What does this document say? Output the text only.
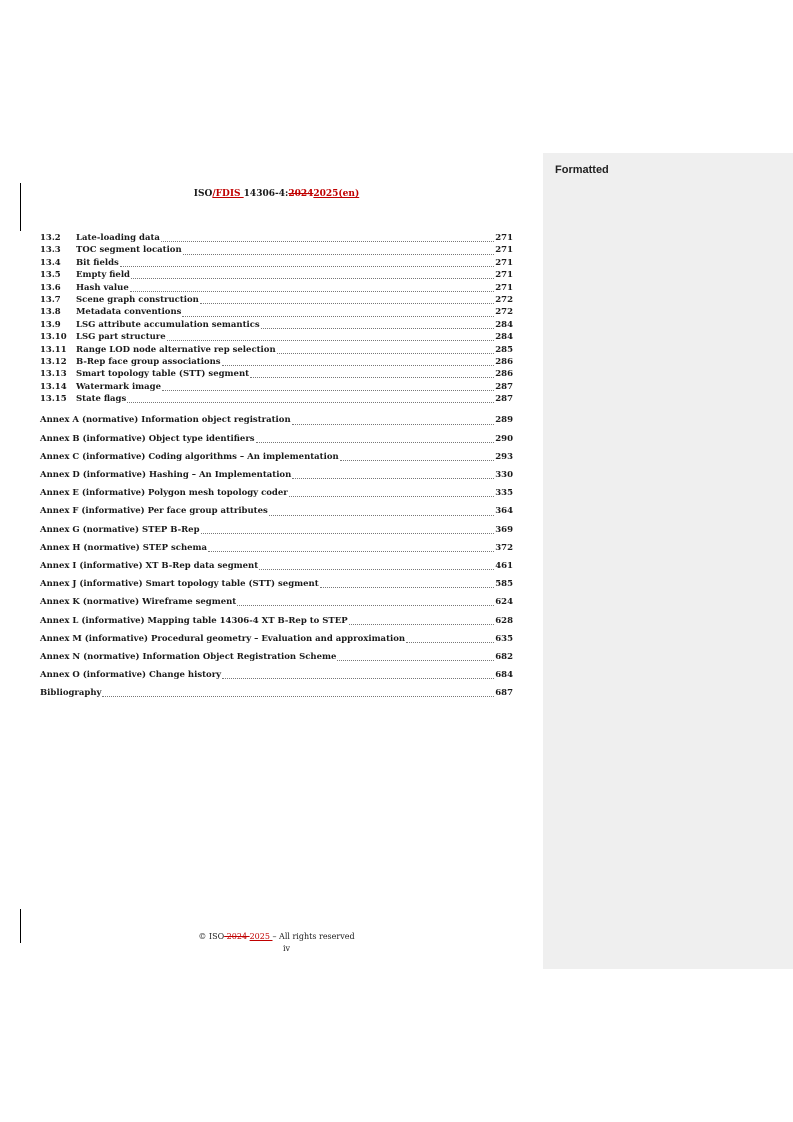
Formatted
ISO/FDIS 14306-4:20242025(en)
13.2	Late-loading data	271
13.3	TOC segment location	271
13.4	Bit fields	271
13.5	Empty field	271
13.6	Hash value	271
13.7	Scene graph construction	272
13.8	Metadata conventions	272
13.9	LSG attribute accumulation semantics	284
13.10	LSG part structure	284
13.11	Range LOD node alternative rep selection	285
13.12	B-Rep face group associations	286
13.13	Smart topology table (STT) segment	286
13.14	Watermark image	287
13.15	State flags	287
Annex A (normative) Information object registration	289
Annex B (informative) Object type identifiers	290
Annex C (informative) Coding algorithms – An implementation	293
Annex D (informative) Hashing – An Implementation	330
Annex E (informative) Polygon mesh topology coder	335
Annex F (informative) Per face group attributes	364
Annex G (normative) STEP B-Rep	369
Annex H (normative) STEP schema	372
Annex I (informative) XT B-Rep data segment	461
Annex J (informative) Smart topology table (STT) segment	585
Annex K (normative) Wireframe segment	624
Annex L (informative) Mapping table 14306-4 XT B-Rep to STEP	628
Annex M (informative) Procedural geometry – Evaluation and approximation	635
Annex N (normative) Information Object Registration Scheme	682
Annex O (informative) Change history	684
Bibliography	687
© ISO 2024 2025 – All rights reserved
iv
